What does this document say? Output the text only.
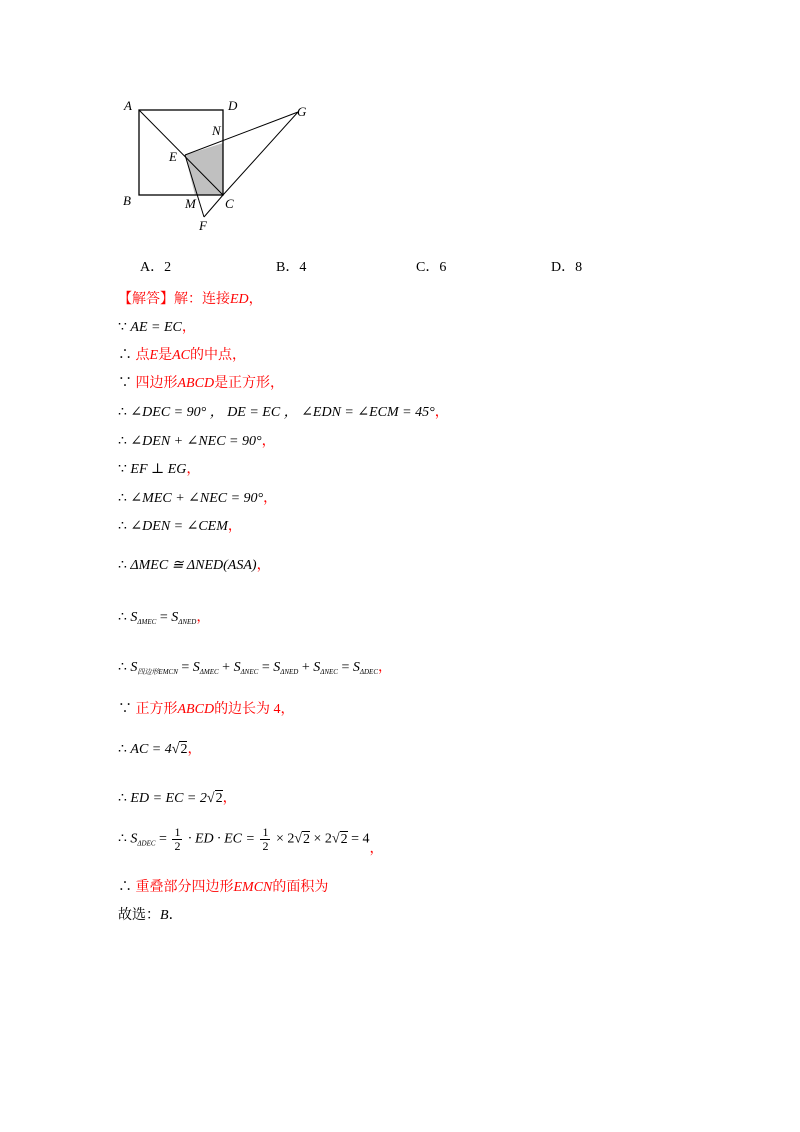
A	D	G
N
E
B	M C
F
A．2	B．4	C．6	D．8
【解答】解：连接ED，
∵ AE = EC，
∴ 点E是AC的中点，
∵ 四边形ABCD是正方形，
∴ ∠DEC = 90° ， DE = EC ， ∠EDN = ∠ECM = 45°，
∴ ∠DEN + ∠NEC = 90°，
∵ EF ⊥ EG，
∴ ∠MEC + ∠NEC = 90°，
∴ ∠DEN = ∠CEM，
∴ ΔMEC ≅ ΔNED(ASA)，
∴ $S_{\Delta MEC} = S_{\Delta NED}$，
∴ $S_{四边形EMCN} = S_{\Delta MEC} + S_{\Delta NEC} = S_{\Delta NED} + S_{\Delta NEC} = S_{\Delta DEC}$，
∵ 正方形ABCD的边长为 4，
∴ AC = 4√2，
∴ ED = EC = 2√2，
∴ $S_{\Delta DEC} = \frac{1}{2}$ · ED · EC = $\frac{1}{2} \times 2√2 \times 2√2 = 4$，
∴ 重叠部分四边形EMCN的面积为
故选：B．
